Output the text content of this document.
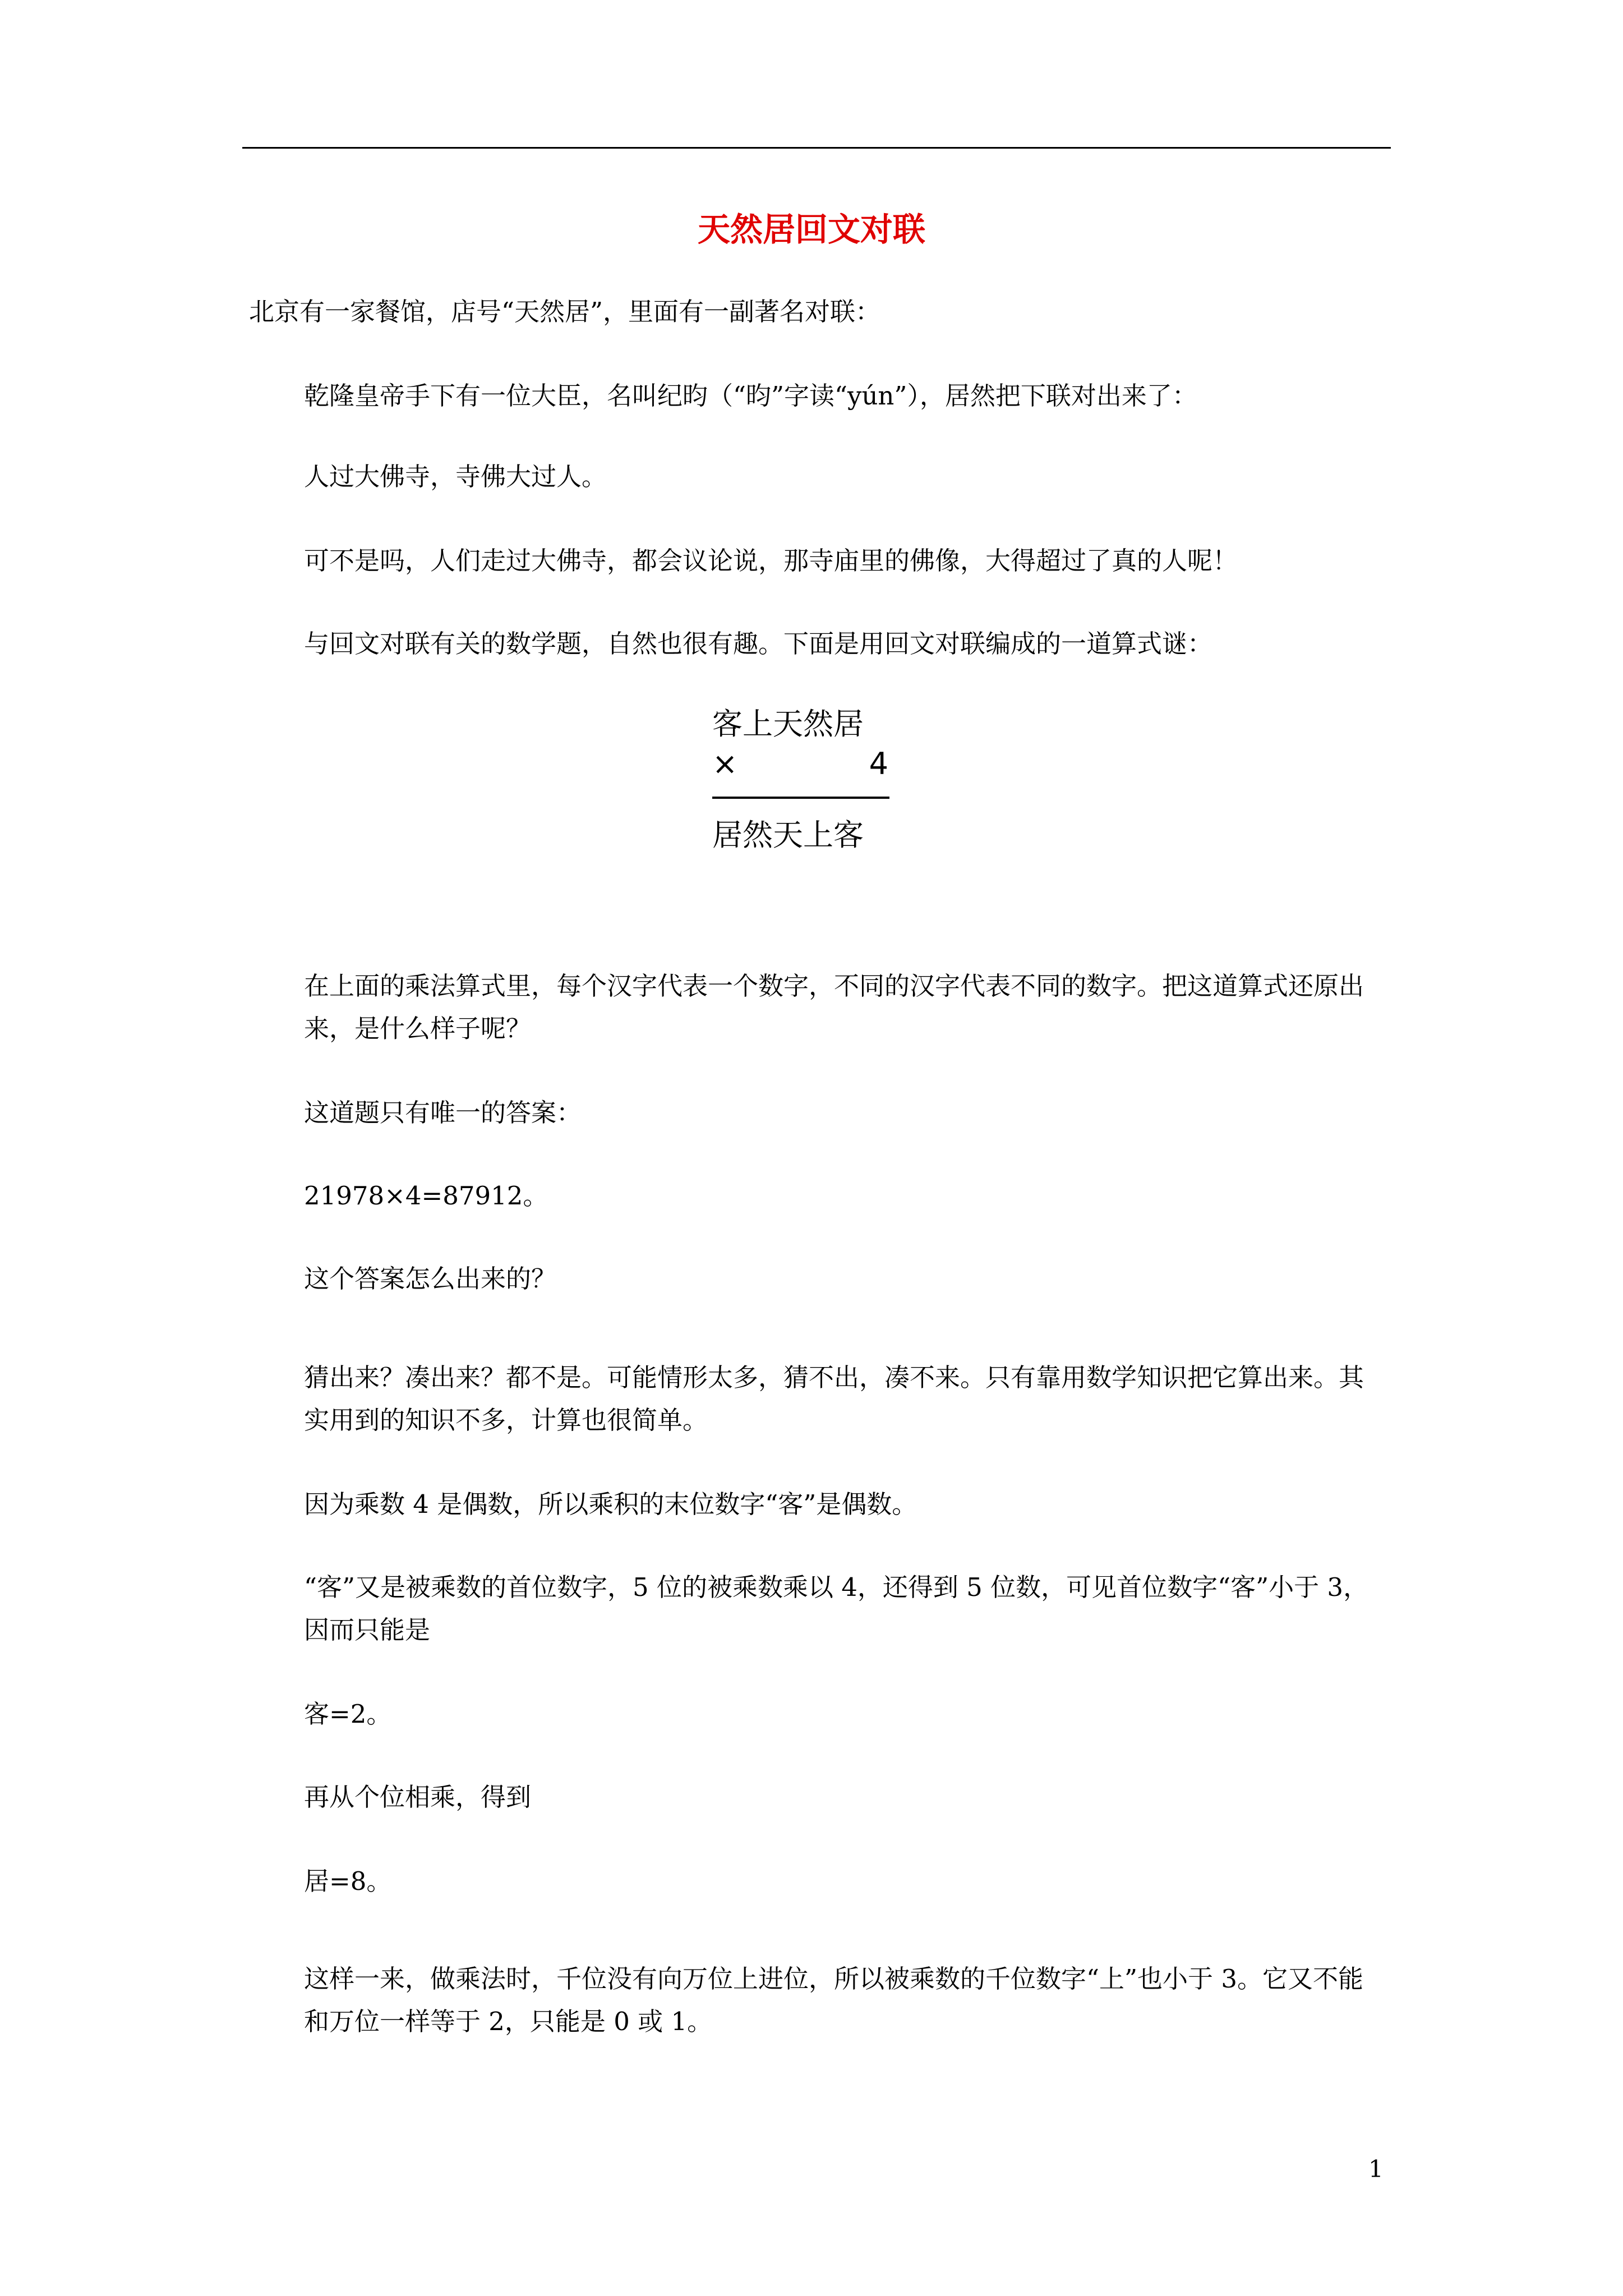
天然居回文对联
北京有一家餐馆，店号“天然居”，里面有一副著名对联：
乾隆皇帝手下有一位大臣，名叫纪昀（“昀”字读“yún”），居然把下联对出来了：
人过大佛寺，寺佛大过人。
可不是吗，人们走过大佛寺，都会议论说，那寺庙里的佛像，大得超过了真的人呢！
与回文对联有关的数学题，自然也很有趣。下面是用回文对联编成的一道算式谜：
在上面的乘法算式里，每个汉字代表一个数字，不同的汉字代表不同的数字。把这道算式还原出来，是什么样子呢？
这道题只有唯一的答案：
21978×4=87912。
这个答案怎么出来的？
猜出来？凑出来？都不是。可能情形太多，猜不出，凑不来。只有靠用数学知识把它算出来。其实用到的知识不多，计算也很简单。
因为乘数 4 是偶数，所以乘积的末位数字“客”是偶数。
“客”又是被乘数的首位数字，5 位的被乘数乘以 4，还得到 5 位数，可见首位数字“客”小于 3，因而只能是
客=2。
再从个位相乘，得到
居=8。
这样一来，做乘法时，千位没有向万位上进位，所以被乘数的千位数字“上”也小于 3。它又不能和万位一样等于 2，只能是 0 或 1。
客上天然居
×	4
居然天上客
1
